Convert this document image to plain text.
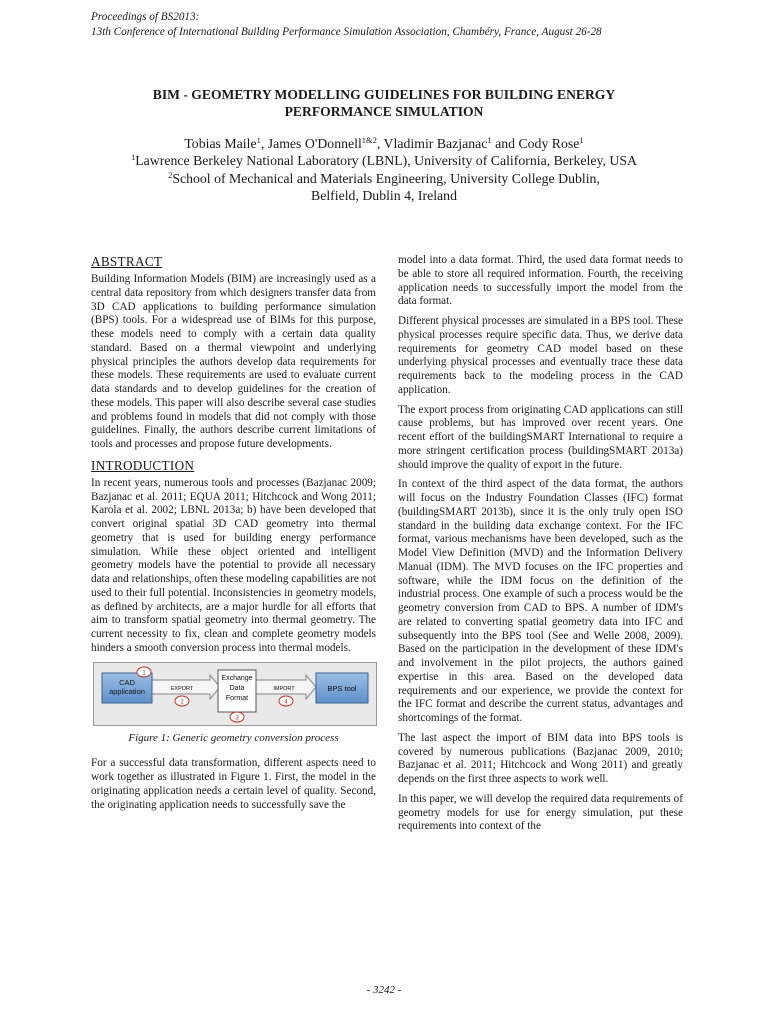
Proceedings of BS2013:
13th Conference of International Building Performance Simulation Association, Chambéry, France, August 26-28
BIM - GEOMETRY MODELLING GUIDELINES FOR BUILDING ENERGY
PERFORMANCE SIMULATION
Tobias Maile$^1$, James O'Donnell$^{1\&2}$, Vladimir Bazjanac$^1$ and Cody Rose$^1$
$^1$Lawrence Berkeley National Laboratory (LBNL), University of California, Berkeley, USA
$^2$School of Mechanical and Materials Engineering, University College Dublin,
Belfield, Dublin 4, Ireland
ABSTRACT

Building Information Models (BIM) are increasingly used as a central data repository from which designers transfer data from 3D CAD applications to building performance simulation (BPS) tools. For a widespread use of BIMs for this purpose, these models need to comply with a certain data quality standard. Based on a thermal viewpoint and underlying physical principles the authors develop data requirements for these models. These requirements are used to evaluate current data standards and to develop guidelines for the creation of these models. This paper will also describe several case studies and problems found in models that did not comply with those guidelines. Finally, the authors describe current limitations of tools and processes and propose future developments.

INTRODUCTION

In recent years, numerous tools and processes (Bazjanac 2009; Bazjanac et al. 2011; EQUA 2011; Hitchcock and Wong 2011; Karola et al. 2002; LBNL 2013a; b) have been developed that convert original spatial 3D CAD geometry into thermal geometry that is used for building energy performance simulation. While these object oriented and intelligent geometry models have the potential to provide all necessary data and relationships, often these modeling capabilities are not used to their full potential. Inconsistencies in geometry models, as defined by architects, are a major hurdle for all efforts that aim to transform spatial geometry into thermal geometry. The current necessity to fix, clean and complete geometry models hinders a smooth conversion process into thermal models.

CAD
application	EXPORT
Exchange
Data
Format
IMPORT	BPS tool
1
2
3
4
Figure 1: Generic geometry conversion process

For a successful data transformation, different aspects need to work together as illustrated in Figure 1. First, the model in the originating application needs a certain level of quality. Second, the originating application needs to successfully save the

model into a data format. Third, the used data format needs to be able to store all required information. Fourth, the receiving application needs to successfully import the model from the data format.

Different physical processes are simulated in a BPS tool. These physical processes require specific data. Thus, we derive data requirements for geometry CAD model based on these underlying physical processes and eventually trace these data requirements back to the modeling process in the CAD application.

The export process from originating CAD applications can still cause problems, but has improved over recent years. One recent effort of the buildingSMART International to require a more stringent certification process (buildingSMART 2013a) should improve the quality of export in the future.

In context of the third aspect of the data format, the authors will focus on the Industry Foundation Classes (IFC) format (buildingSMART 2013b), since it is the only truly open ISO standard in the building data exchange context. For the IFC format, various mechanisms have been developed, such as the Model View Definition (MVD) and the Information Delivery Manual (IDM). The MVD focuses on the IFC properties and software, while the IDM focus on the definition of the industrial process. One example of such a process would be the geometry conversion from CAD to BPS. A number of IDM's are related to converting spatial geometry data into IFC and subsequently into the BPS tool (See and Welle 2008, 2009). Based on the participation in the development of these IDM's and involvement in the pilot projects, the authors gained expertise in this area. Based on the developed data requirements and our experience, we provide the context for the IFC format and describe the current status, advantages and shortcomings of the format.

The last aspect the import of BIM data into BPS tools is covered by numerous publications (Bazjanac 2009, 2010; Bazjanac et al. 2011; Hitchcock and Wong 2011) and greatly depends on the first three aspects to work well.

In this paper, we will develop the required data requirements of geometry models for use for energy simulation, put these requirements into context of the

- 3242 -
